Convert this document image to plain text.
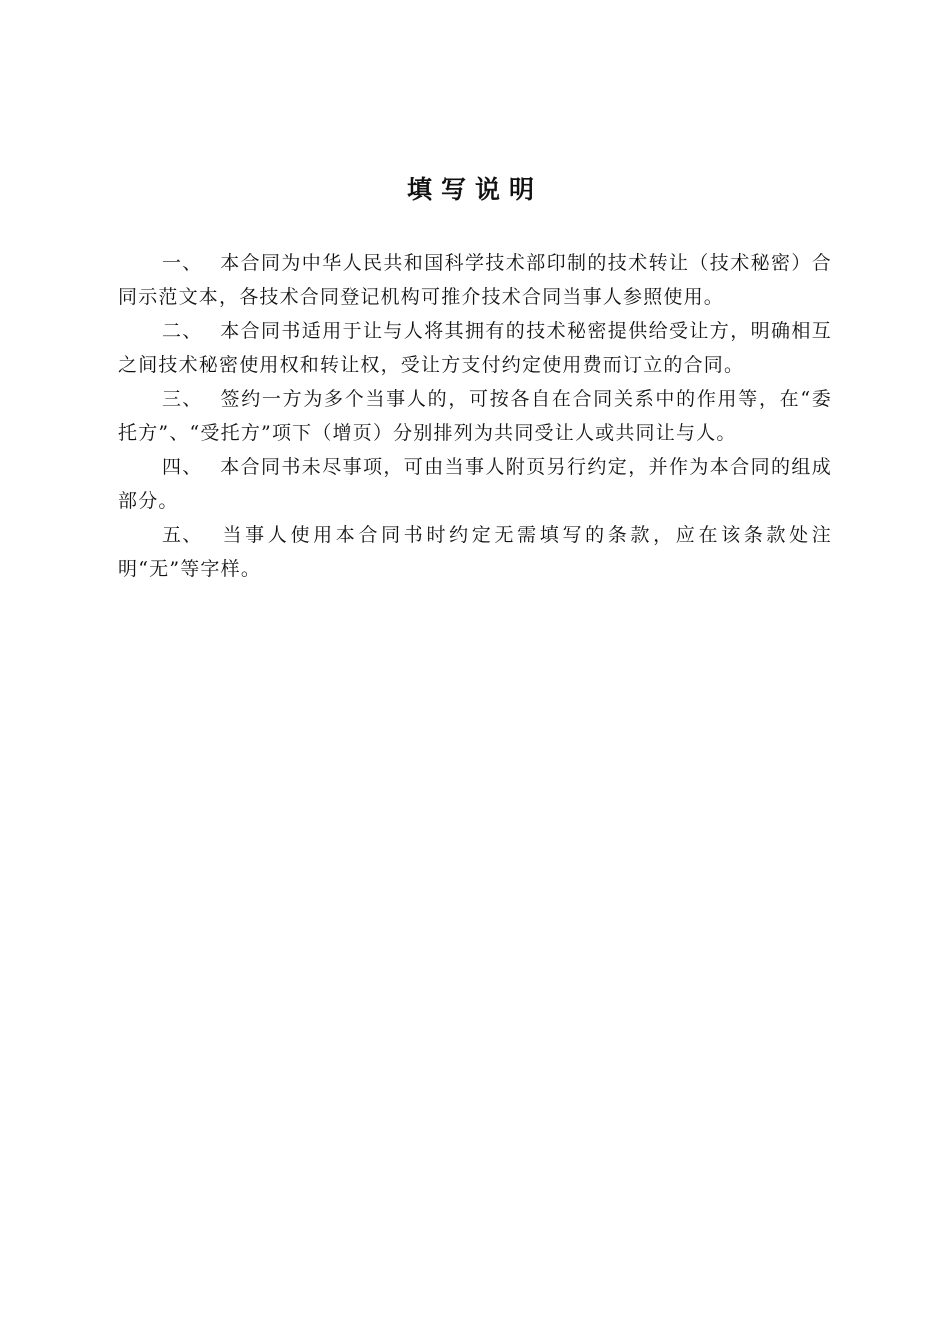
填写说明

一、 本合同为中华人民共和国科学技术部印制的技术转让（技术秘密）合同示范文本，各技术合同登记机构可推介技术合同当事人参照使用。

二、 本合同书适用于让与人将其拥有的技术秘密提供给受让方，明确相互之间技术秘密使用权和转让权，受让方支付约定使用费而订立的合同。

三、 签约一方为多个当事人的，可按各自在合同关系中的作用等，在“委托方”、“受托方”项下（增页）分别排列为共同受让人或共同让与人。

四、 本合同书未尽事项，可由当事人附页另行约定，并作为本合同的组成部分。

五、 当事人使用本合同书时约定无需填写的条款，应在该条款处注明“无”等字样。
